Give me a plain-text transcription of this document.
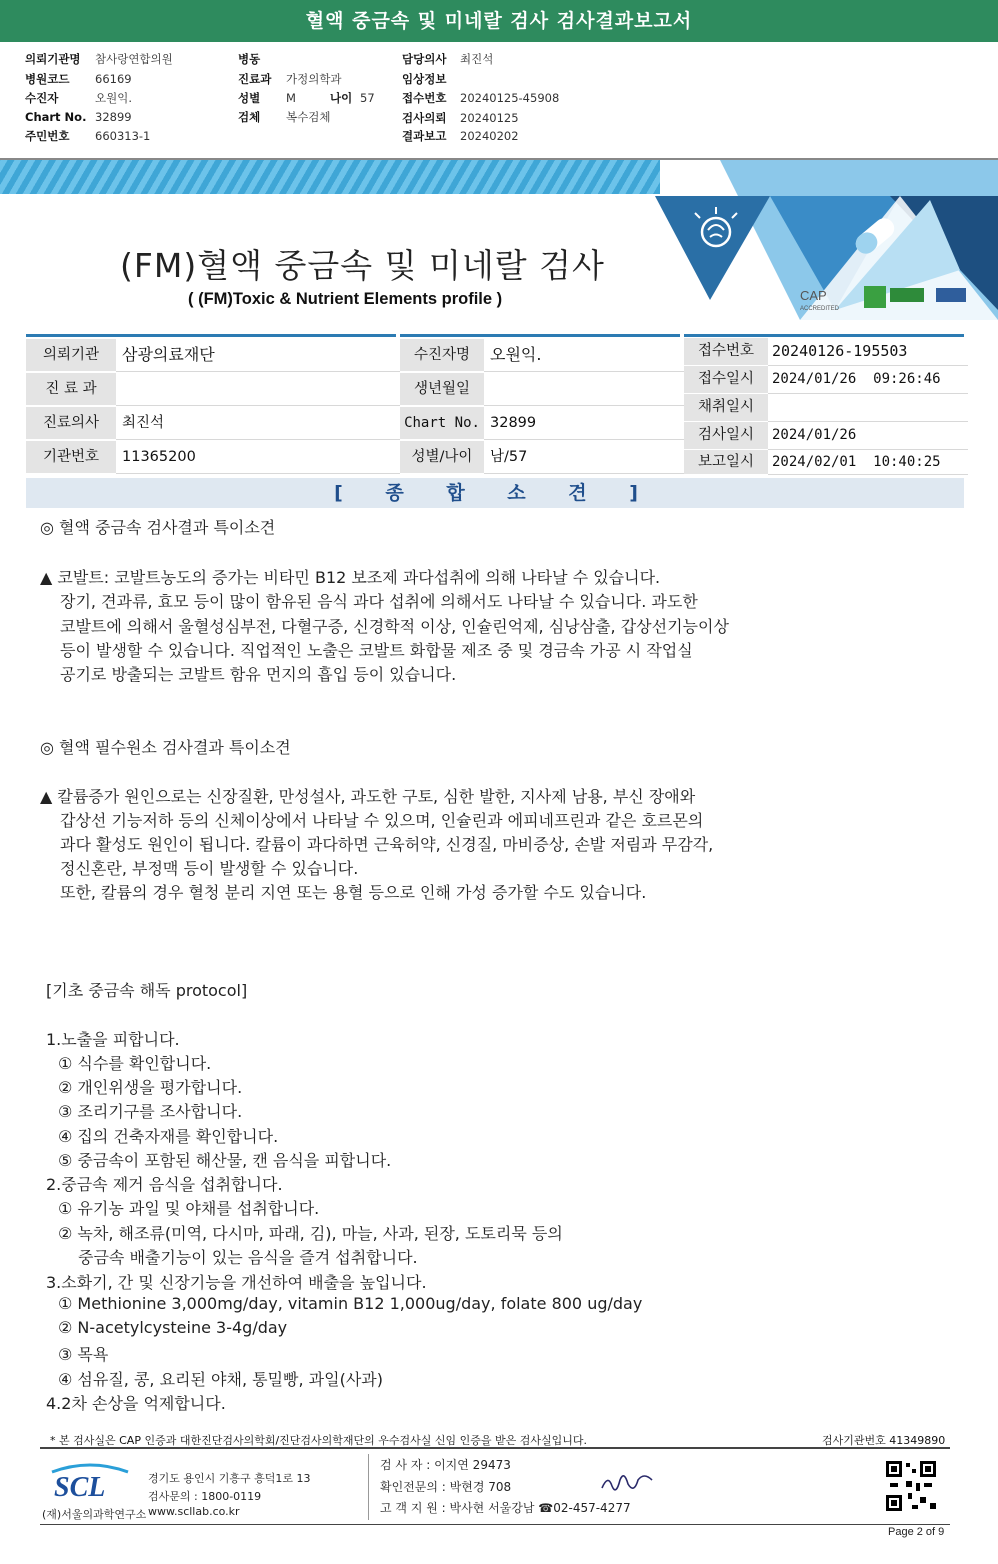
혈액 중금속 및 미네랄 검사 검사결과보고서
의뢰기관명 참사랑연합의원
병원코드 66169
수진자	오원익.
Chart No. 32899
주민번호 660313-1
병동
진료과 가정의학과
성별 M	나이 57
검체 복수검체
담당의사 최진석
임상정보
접수번호 20240125-45908
검사의뢰 20240125
결과보고 20240202
CAP
ACCREDITED
(FM)혈액 중금속 및 미네랄 검사
( (FM)Toxic & Nutrient Elements profile )
의뢰기관	삼광의료재단	수진자명	오원익.
진 료 과	생년월일
진료의사	최진석	Chart No. 32899
기관번호	11365200	성별/나이	남/57
접수번호	20240126-195503
접수일시	2024/01/26  09:26:46
채취일시
검사일시	2024/01/26
보고일시	2024/02/01  10:40:25
[ 종 합 소 견 ]
◎ 혈액 중금속 검사결과 특이소견
▲ 코발트: 코발트농도의 증가는 비타민 B12 보조제 과다섭취에 의해 나타날 수 있습니다.
장기, 견과류, 효모 등이 많이 함유된 음식 과다 섭취에 의해서도 나타날 수 있습니다. 과도한
코발트에 의해서 울혈성심부전, 다혈구증, 신경학적 이상, 인슐린억제, 심낭삼출, 갑상선기능이상
등이 발생할 수 있습니다. 직업적인 노출은 코발트 화합물 제조 중 및 경금속 가공 시 작업실
공기로 방출되는 코발트 함유 먼지의 흡입 등이 있습니다.
◎ 혈액 필수원소 검사결과 특이소견
▲ 칼륨증가 원인으로는 신장질환, 만성설사, 과도한 구토, 심한 발한, 지사제 남용, 부신 장애와
갑상선 기능저하 등의 신체이상에서 나타날 수 있으며, 인슐린과 에피네프린과 같은 호르몬의
과다 활성도 원인이 됩니다. 칼륨이 과다하면 근육허약, 신경질, 마비증상, 손발 저림과 무감각,
정신혼란, 부정맥 등이 발생할 수 있습니다.
또한, 칼륨의 경우 혈청 분리 지연 또는 용혈 등으로 인해 가성 증가할 수도 있습니다.
[기초 중금속 해독 protocol]
1.노출을 피합니다.
① 식수를 확인합니다.
② 개인위생을 평가합니다.
③ 조리기구를 조사합니다.
④ 집의 건축자재를 확인합니다.
⑤ 중금속이 포함된 해산물, 캔 음식을 피합니다.
2.중금속 제거 음식을 섭취합니다.
① 유기농 과일 및 야채를 섭취합니다.
② 녹차, 해조류(미역, 다시마, 파래, 김), 마늘, 사과, 된장, 도토리묵 등의
중금속 배출기능이 있는 음식을 즐겨 섭취합니다.
3.소화기, 간 및 신장기능을 개선하여 배출을 높입니다.
① Methionine 3,000mg/day, vitamin B12 1,000ug/day, folate 800 ug/day
② N-acetylcysteine 3-4g/day
③ 목욕
④ 섬유질, 콩, 요리된 야채, 통밀빵, 과일(사과)
4.2차 손상을 억제합니다.
* 본 검사실은 CAP 인증과 대한진단검사의학회/진단검사의학재단의 우수검사실 신임 인증을 받은 검사실입니다.	검사기관번호 41349890
SCL
(재)서울의과학연구소
경기도 용인시 기흥구 흥덕1로 13
검사문의 : 1800-0119
www.scllab.co.kr
검 사 자 : 이지연 29473
확인전문의 : 박현경 708
고 객 지 원 : 박사현 서울강남 ☎02-457-4277
Page 2 of 9
